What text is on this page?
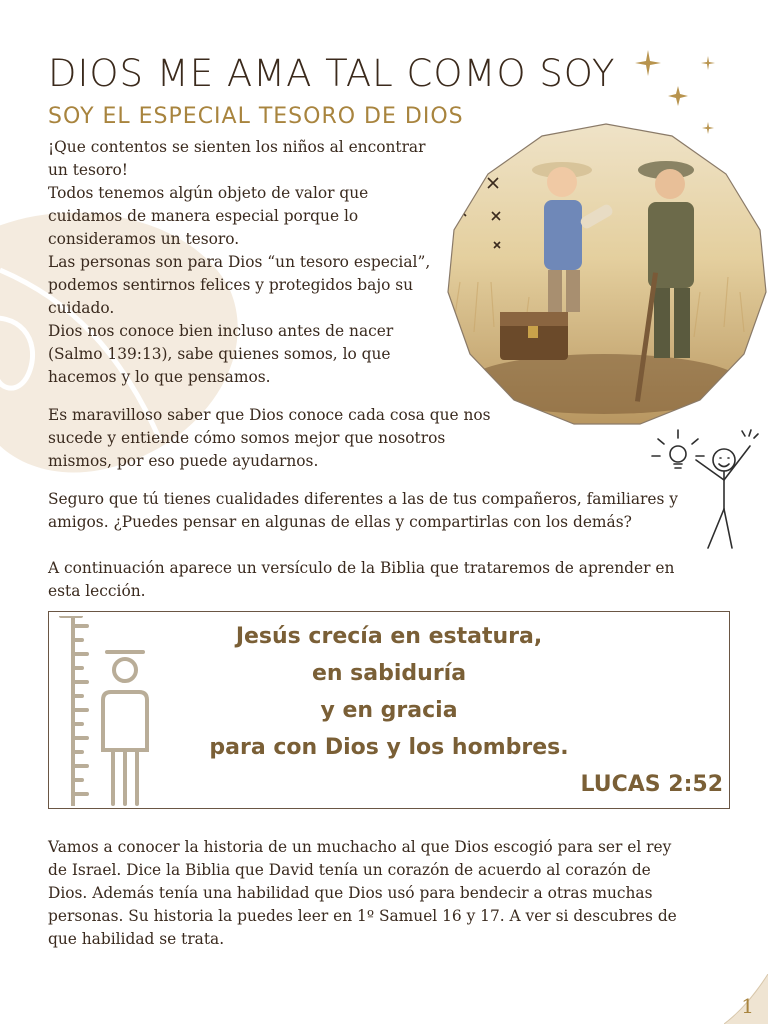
DIOS ME AMA TAL COMO SOY
SOY EL ESPECIAL TESORO DE DIOS
¡Que contentos se sienten los niños al encontrar
un tesoro!
Todos tenemos algún objeto de valor que
cuidamos de manera especial porque lo
consideramos un tesoro.
Las personas son para Dios “un tesoro especial”,
podemos sentirnos felices y protegidos bajo su
cuidado.
Dios nos conoce bien incluso antes de nacer
(Salmo 139:13), sabe quienes somos, lo que
hacemos y lo que pensamos.
Es maravilloso saber que Dios conoce cada cosa que nos
sucede y entiende cómo somos mejor que nosotros
mismos, por eso puede ayudarnos.
Seguro que tú tienes cualidades diferentes a las de tus compañeros, familiares y
amigos. ¿Puedes pensar en algunas de ellas y compartirlas con los demás?
A continuación aparece un versículo de la Biblia que trataremos de aprender en
esta lección.
Jesús crecía en estatura,
en sabiduría
y en gracia
para con Dios y los hombres.
LUCAS 2:52
Vamos a conocer la historia de un muchacho al que Dios escogió para ser el rey
de Israel. Dice la Biblia que David tenía un corazón de acuerdo al corazón de
Dios. Además tenía una habilidad que Dios usó para bendecir a otras muchas
personas. Su historia la puedes leer en 1º Samuel 16 y 17. A ver si descubres de
que habilidad se trata.
1
